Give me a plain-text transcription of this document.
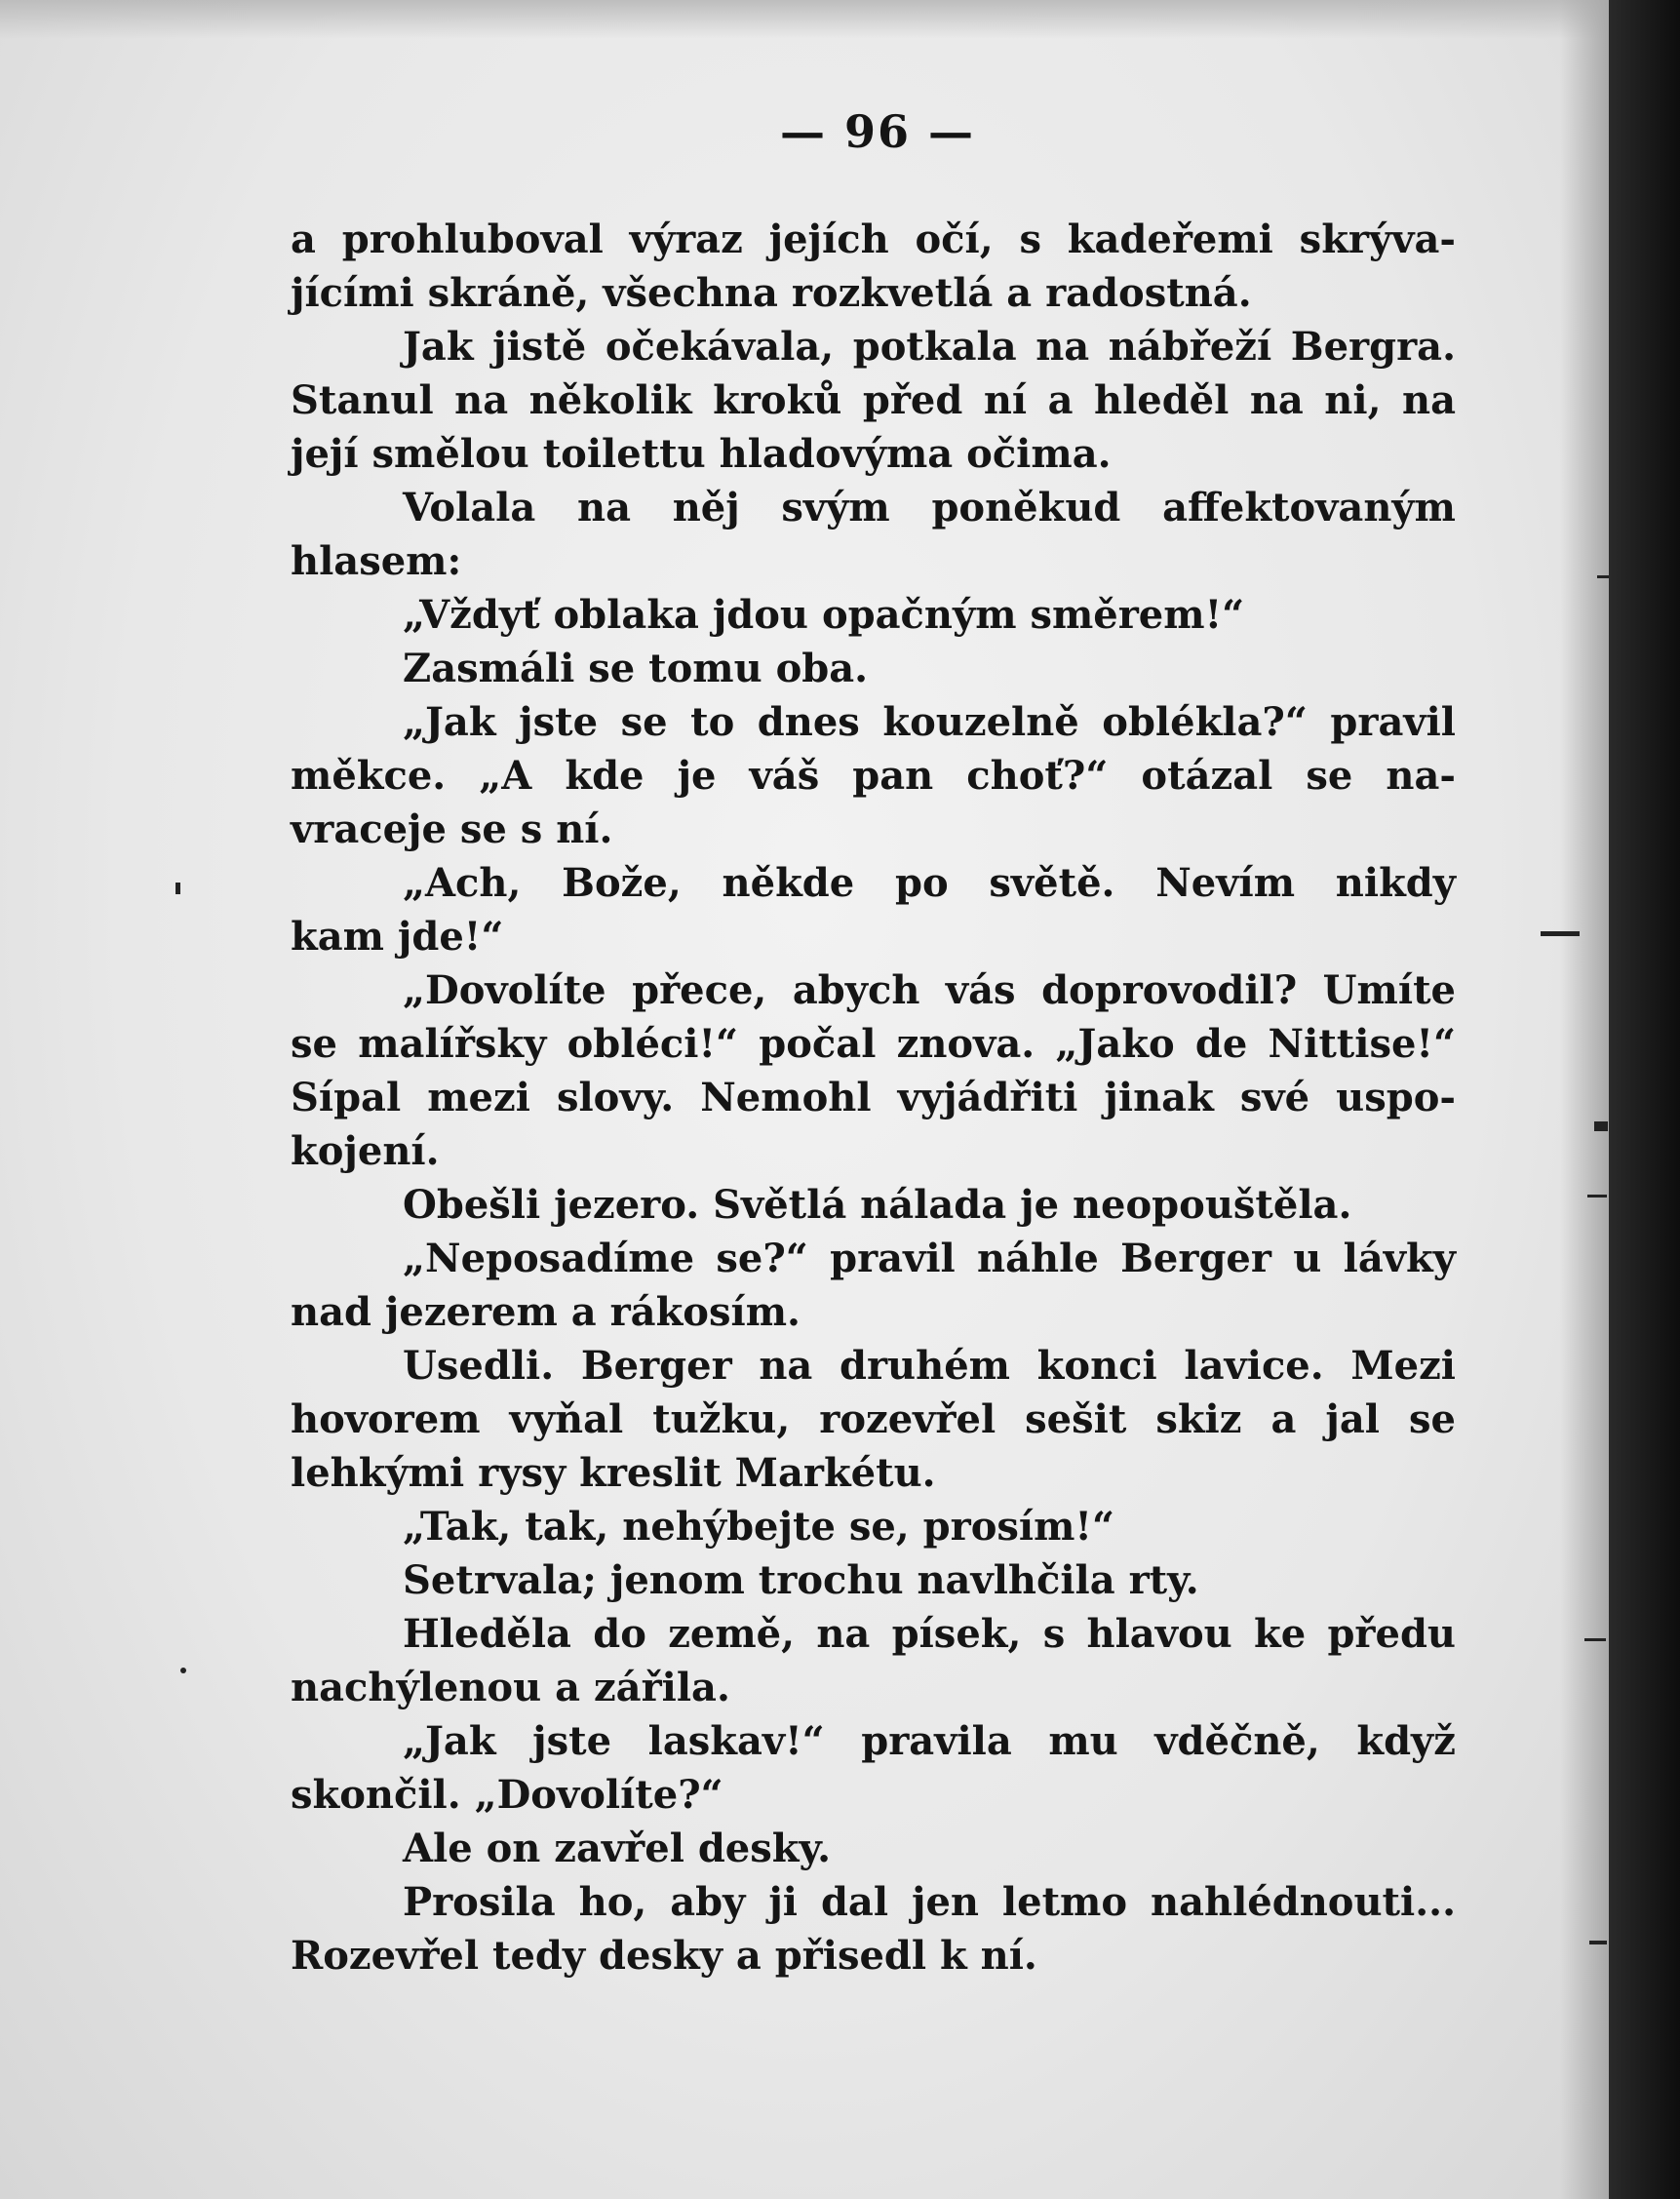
— 96 —
a prohluboval výraz jejích očí, s kadeřemi skrýva-
jícími skráně, všechna rozkvetlá a radostná.
Jak jistě očekávala, potkala na nábřeží Bergra.
Stanul na několik kroků před ní a hleděl na ni, na
její smělou toilettu hladovýma očima.
Volala na něj svým poněkud affektovaným
hlasem:
„Vždyť oblaka jdou opačným směrem!“
Zasmáli se tomu oba.
„Jak jste se to dnes kouzelně oblékla?“ pravil
měkce. „A kde je váš pan choť?“ otázal se na-
vraceje se s ní.
„Ach, Bože, někde po světě. Nevím nikdy
kam jde!“
„Dovolíte přece, abych vás doprovodil? Umíte
se malířsky obléci!“ počal znova. „Jako de Nittise!“
Sípal mezi slovy. Nemohl vyjádřiti jinak své uspo-
kojení.
Obešli jezero. Světlá nálada je neopouštěla.
„Neposadíme se?“ pravil náhle Berger u lávky
nad jezerem a rákosím.
Usedli. Berger na druhém konci lavice. Mezi
hovorem vyňal tužku, rozevřel sešit skiz a jal se
lehkými rysy kreslit Markétu.
„Tak, tak, nehýbejte se, prosím!“
Setrvala; jenom trochu navlhčila rty.
Hleděla do země, na písek, s hlavou ke předu
nachýlenou a zářila.
„Jak jste laskav!“ pravila mu vděčně, když
skončil. „Dovolíte?“
Ale on zavřel desky.
Prosila ho, aby ji dal jen letmo nahlédnouti...
Rozevřel tedy desky a přisedl k ní.
